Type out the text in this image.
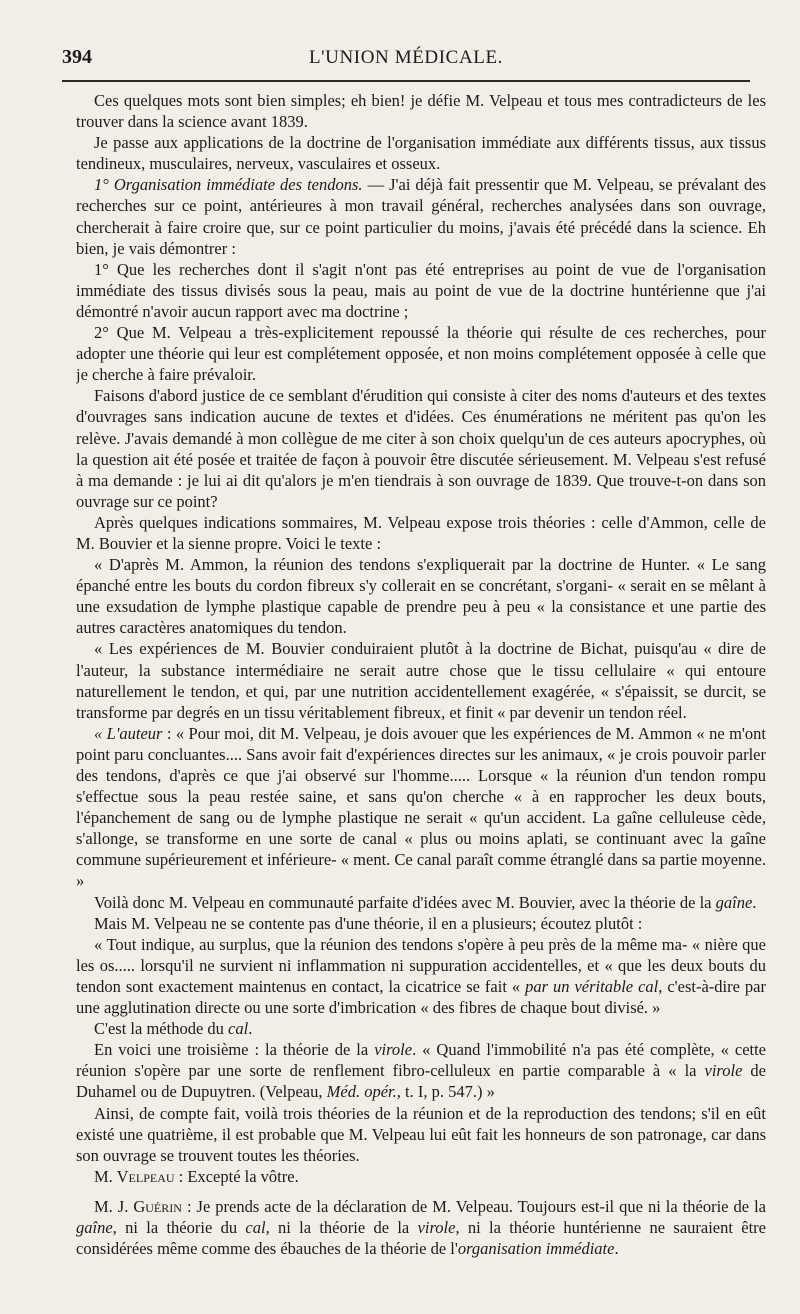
394	L'UNION MÉDICALE.

Ces quelques mots sont bien simples; eh bien! je défie M. Velpeau et tous mes contradicteurs de les trouver dans la science avant 1839.

Je passe aux applications de la doctrine de l'organisation immédiate aux différents tissus, aux tissus tendineux, musculaires, nerveux, vasculaires et osseux.

1° Organisation immédiate des tendons. — J'ai déjà fait pressentir que M. Velpeau, se prévalant des recherches sur ce point, antérieures à mon travail général, recherches analysées dans son ouvrage, chercherait à faire croire que, sur ce point particulier du moins, j'avais été précédé dans la science. Eh bien, je vais démontrer :

1° Que les recherches dont il s'agit n'ont pas été entreprises au point de vue de l'organisation immédiate des tissus divisés sous la peau, mais au point de vue de la doctrine huntérienne que j'ai démontré n'avoir aucun rapport avec ma doctrine ;

2° Que M. Velpeau a très-explicitement repoussé la théorie qui résulte de ces recherches, pour adopter une théorie qui leur est complétement opposée, et non moins complétement opposée à celle que je cherche à faire prévaloir.

Faisons d'abord justice de ce semblant d'érudition qui consiste à citer des noms d'auteurs et des textes d'ouvrages sans indication aucune de textes et d'idées. Ces énumérations ne méritent pas qu'on les relève. J'avais demandé à mon collègue de me citer à son choix quelqu'un de ces auteurs apocryphes, où la question ait été posée et traitée de façon à pouvoir être discutée sérieusement. M. Velpeau s'est refusé à ma demande : je lui ai dit qu'alors je m'en tiendrais à son ouvrage de 1839. Que trouve-t-on dans son ouvrage sur ce point?

Après quelques indications sommaires, M. Velpeau expose trois théories : celle d'Ammon, celle de M. Bouvier et la sienne propre. Voici le texte :

« D'après M. Ammon, la réunion des tendons s'expliquerait par la doctrine de Hunter. « Le sang épanché entre les bouts du cordon fibreux s'y collerait en se concrétant, s'organi- « serait en se mêlant à une exsudation de lymphe plastique capable de prendre peu à peu « la consistance et une partie des autres caractères anatomiques du tendon.

« Les expériences de M. Bouvier conduiraient plutôt à la doctrine de Bichat, puisqu'au « dire de l'auteur, la substance intermédiaire ne serait autre chose que le tissu cellulaire « qui entoure naturellement le tendon, et qui, par une nutrition accidentellement exagérée, « s'épaissit, se durcit, se transforme par degrés en un tissu véritablement fibreux, et finit « par devenir un tendon réel.

« L'auteur : « Pour moi, dit M. Velpeau, je dois avouer que les expériences de M. Ammon « ne m'ont point paru concluantes.... Sans avoir fait d'expériences directes sur les animaux, « je crois pouvoir parler des tendons, d'après ce que j'ai observé sur l'homme..... Lorsque « la réunion d'un tendon rompu s'effectue sous la peau restée saine, et sans qu'on cherche « à en rapprocher les deux bouts, l'épanchement de sang ou de lymphe plastique ne serait « qu'un accident. La gaîne celluleuse cède, s'allonge, se transforme en une sorte de canal « plus ou moins aplati, se continuant avec la gaîne commune supérieurement et inférieure- « ment. Ce canal paraît comme étranglé dans sa partie moyenne. »

Voilà donc M. Velpeau en communauté parfaite d'idées avec M. Bouvier, avec la théorie de la gaîne.

Mais M. Velpeau ne se contente pas d'une théorie, il en a plusieurs; écoutez plutôt :

« Tout indique, au surplus, que la réunion des tendons s'opère à peu près de la même ma- « nière que les os..... lorsqu'il ne survient ni inflammation ni suppuration accidentelles, et « que les deux bouts du tendon sont exactement maintenus en contact, la cicatrice se fait « par un véritable cal, c'est-à-dire par une agglutination directe ou une sorte d'imbrication « des fibres de chaque bout divisé. »

C'est la méthode du cal.

En voici une troisième : la théorie de la virole. « Quand l'immobilité n'a pas été complète, « cette réunion s'opère par une sorte de renflement fibro-celluleux en partie comparable à « la virole de Duhamel ou de Dupuytren. (Velpeau, Méd. opér., t. I, p. 547.) »

Ainsi, de compte fait, voilà trois théories de la réunion et de la reproduction des tendons; s'il en eût existé une quatrième, il est probable que M. Velpeau lui eût fait les honneurs de son patronage, car dans son ouvrage se trouvent toutes les théories.

M. Velpeau : Excepté la vôtre.

M. J. Guérin : Je prends acte de la déclaration de M. Velpeau. Toujours est-il que ni la théorie de la gaîne, ni la théorie du cal, ni la théorie de la virole, ni la théorie huntérienne ne sauraient être considérées même comme des ébauches de la théorie de l'organisation immédiate.
